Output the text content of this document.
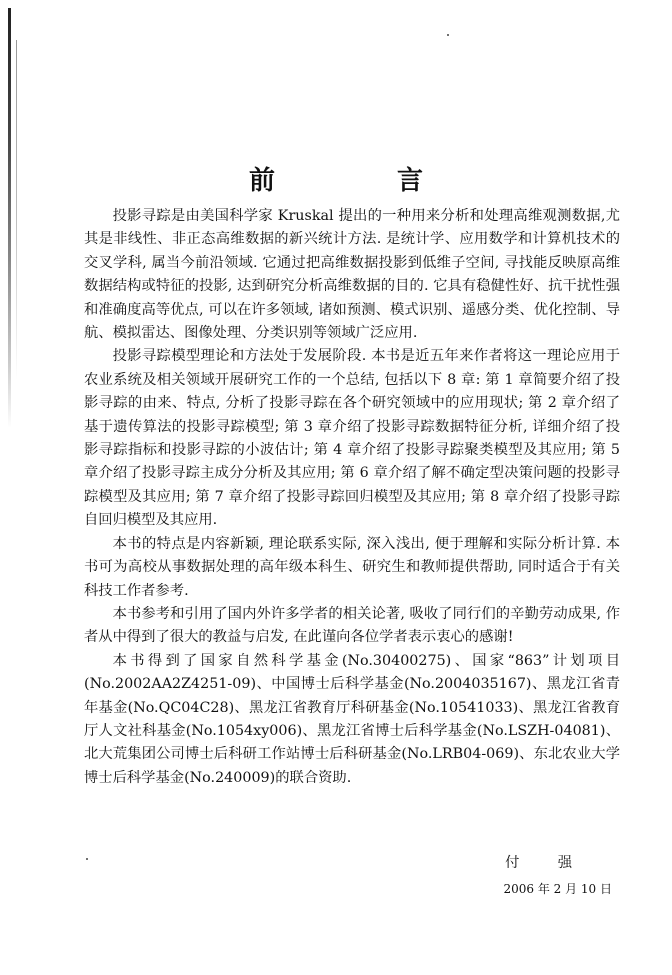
前　言

投影寻踪是由美国科学家 Kruskal 提出的一种用来分析和处理高维观测数据,尤其是非线性、非正态高维数据的新兴统计方法. 是统计学、应用数学和计算机技术的交叉学科, 属当今前沿领域. 它通过把高维数据投影到低维子空间, 寻找能反映原高维数据结构或特征的投影, 达到研究分析高维数据的目的. 它具有稳健性好、抗干扰性强和准确度高等优点, 可以在许多领域, 诸如预测、模式识别、遥感分类、优化控制、导航、模拟雷达、图像处理、分类识别等领域广泛应用.

投影寻踪模型理论和方法处于发展阶段. 本书是近五年来作者将这一理论应用于农业系统及相关领域开展研究工作的一个总结, 包括以下 8 章: 第 1 章简要介绍了投影寻踪的由来、特点, 分析了投影寻踪在各个研究领域中的应用现状; 第 2 章介绍了基于遗传算法的投影寻踪模型; 第 3 章介绍了投影寻踪数据特征分析, 详细介绍了投影寻踪指标和投影寻踪的小波估计; 第 4 章介绍了投影寻踪聚类模型及其应用; 第 5 章介绍了投影寻踪主成分分析及其应用; 第 6 章介绍了解不确定型决策问题的投影寻踪模型及其应用; 第 7 章介绍了投影寻踪回归模型及其应用; 第 8 章介绍了投影寻踪自回归模型及其应用.

本书的特点是内容新颖, 理论联系实际, 深入浅出, 便于理解和实际分析计算. 本书可为高校从事数据处理的高年级本科生、研究生和教师提供帮助, 同时适合于有关科技工作者参考.

本书参考和引用了国内外许多学者的相关论著, 吸收了同行们的辛勤劳动成果, 作者从中得到了很大的教益与启发, 在此谨向各位学者表示衷心的感谢!

本书得到了国家自然科学基金(No.30400275)、国家“863”计划项目(No.2002AA2Z4251-09)、中国博士后科学基金(No.2004035167)、黑龙江省青年基金(No.QC04C28)、黑龙江省教育厅科研基金(No.10541033)、黑龙江省教育厅人文社科基金(No.1054xy006)、黑龙江省博士后科学基金(No.LSZH-04081)、北大荒集团公司博士后科研工作站博士后科研基金(No.LRB04-069)、东北农业大学博士后科学基金(No.240009)的联合资助.

付　强
2006 年 2 月 10 日
